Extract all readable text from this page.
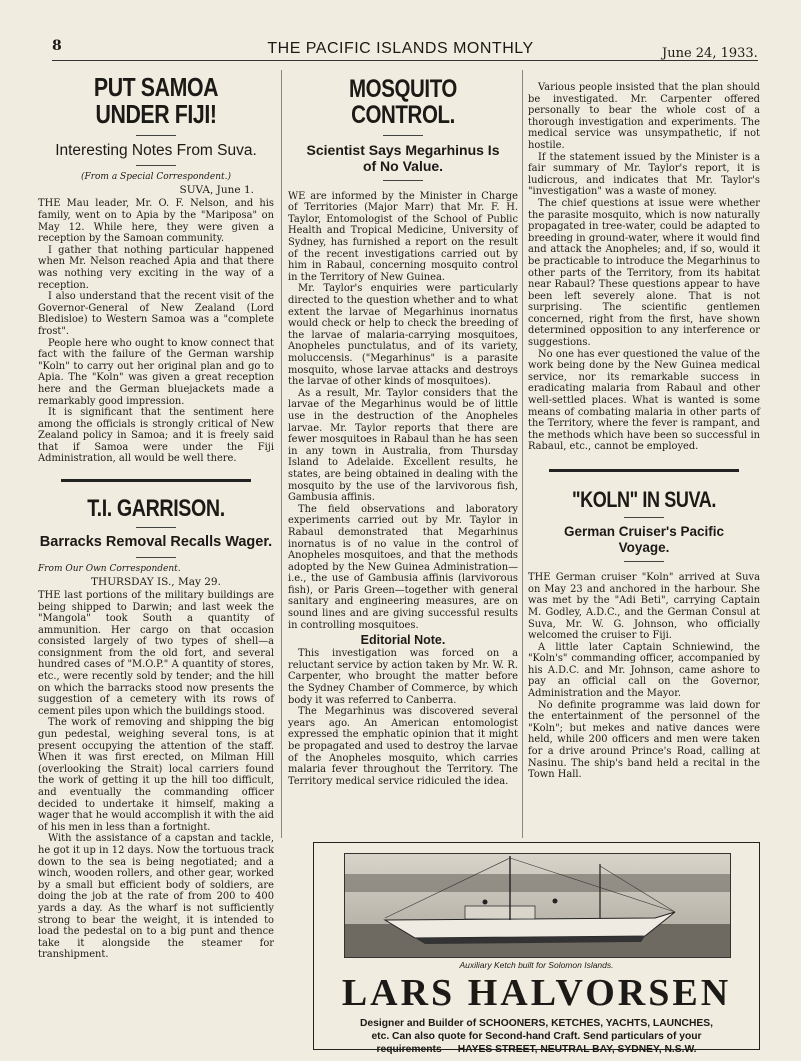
8	THE PACIFIC ISLANDS MONTHLY	June 24, 1933.
PUT SAMOA UNDER FIJI!
Interesting Notes From Suva.
(From a Special Correspondent.)
SUVA, June 1.

THE Mau leader, Mr. O. F. Nelson, and his family, went on to Apia by the "Mariposa" on May 12. While here, they were given a reception by the Samoan community.

I gather that nothing particular happened when Mr. Nelson reached Apia and that there was nothing very exciting in the way of a reception.

I also understand that the recent visit of the Governor-General of New Zealand (Lord Bledisloe) to Western Samoa was a "complete frost".

People here who ought to know connect that fact with the failure of the German warship "Koln" to carry out her original plan and go to Apia. The "Koln" was given a great reception here and the German bluejackets made a remarkably good impression.

It is significant that the sentiment here among the officials is strongly critical of New Zealand policy in Samoa; and it is freely said that if Samoa were under the Fiji Administration, all would be well there.

T.I. GARRISON.
Barracks Removal Recalls Wager.
From Our Own Correspondent.
THURSDAY IS., May 29.

THE last portions of the military buildings are being shipped to Darwin; and last week the "Mangola" took South a quantity of ammunition. Her cargo on that occasion consisted largely of two types of shell—a consignment from the old fort, and several hundred cases of "M.O.P." A quantity of stores, etc., were recently sold by tender; and the hill on which the barracks stood now presents the suggestion of a cemetery with its rows of cement piles upon which the buildings stood.

The work of removing and shipping the big gun pedestal, weighing several tons, is at present occupying the attention of the staff. When it was first erected, on Milman Hill (overlooking the Strait) local carriers found the work of getting it up the hill too difficult, and eventually the commanding officer decided to undertake it himself, making a wager that he would accomplish it with the aid of his men in less than a fortnight.

With the assistance of a capstan and tackle, he got it up in 12 days. Now the tortuous track down to the sea is being negotiated; and a winch, wooden rollers, and other gear, worked by a small but efficient body of soldiers, are doing the job at the rate of from 200 to 400 yards a day. As the wharf is not sufficiently strong to bear the weight, it is intended to load the pedestal on to a big punt and thence take it alongside the steamer for transhipment.

MOSQUITO CONTROL.
Scientist Says Megarhinus Is of No Value.

WE are informed by the Minister in Charge of Territories (Major Marr) that Mr. F. H. Taylor, Entomologist of the School of Public Health and Tropical Medicine, University of Sydney, has furnished a report on the result of the recent investigations carried out by him in Rabaul, concerning mosquito control in the Territory of New Guinea.

Mr. Taylor's enquiries were particularly directed to the question whether and to what extent the larvae of Megarhinus inornatus would check or help to check the breeding of the larvae of malaria-carrying mosquitoes, Anopheles punctulatus, and of its variety, moluccensis. ("Megarhinus" is a parasite mosquito, whose larvae attacks and destroys the larvae of other kinds of mosquitoes).

As a result, Mr. Taylor considers that the larvae of the Megarhinus would be of little use in the destruction of the Anopheles larvae. Mr. Taylor reports that there are fewer mosquitoes in Rabaul than he has seen in any town in Australia, from Thursday Island to Adelaide. Excellent results, he states, are being obtained in dealing with the mosquito by the use of the larvivorous fish, Gambusia affinis.

The field observations and laboratory experiments carried out by Mr. Taylor in Rabaul demonstrated that Megarhinus inornatus is of no value in the control of Anopheles mosquitoes, and that the methods adopted by the New Guinea Administration—i.e., the use of Gambusia affinis (larvivorous fish), or Paris Green—together with general sanitary and engineering measures, are on sound lines and are giving successful results in controlling mosquitoes.

Editorial Note.

This investigation was forced on a reluctant service by action taken by Mr. W. R. Carpenter, who brought the matter before the Sydney Chamber of Commerce, by which body it was referred to Canberra.

The Megarhinus was discovered several years ago. An American entomologist expressed the emphatic opinion that it might be propagated and used to destroy the larvae of the Anopheles mosquito, which carries malaria fever throughout the Territory. The Territory medical service ridiculed the idea.

Various people insisted that the plan should be investigated. Mr. Carpenter offered personally to bear the whole cost of a thorough investigation and experiments. The medical service was unsympathetic, if not hostile.

If the statement issued by the Minister is a fair summary of Mr. Taylor's report, it is ludicrous, and indicates that Mr. Taylor's "investigation" was a waste of money.

The chief questions at issue were whether the parasite mosquito, which is now naturally propagated in tree-water, could be adapted to breeding in ground-water, where it would find and attack the Anopheles; and, if so, would it be practicable to introduce the Megarhinus to other parts of the Territory, from its habitat near Rabaul? These questions appear to have been left severely alone. That is not surprising. The scientific gentlemen concerned, right from the first, have shown determined opposition to any interference or suggestions.

No one has ever questioned the value of the work being done by the New Guinea medical service, nor its remarkable success in eradicating malaria from Rabaul and other well-settled places. What is wanted is some means of combating malaria in other parts of the Territory, where the fever is rampant, and the methods which have been so successful in Rabaul, etc., cannot be employed.

"KOLN" IN SUVA.
German Cruiser's Pacific Voyage.

THE German cruiser "Koln" arrived at Suva on May 23 and anchored in the harbour. She was met by the "Adi Beti", carrying Captain M. Godley, A.D.C., and the German Consul at Suva, Mr. W. G. Johnson, who officially welcomed the cruiser to Fiji.

A little later Captain Schniewind, the "Koln's" commanding officer, accompanied by his A.D.C. and Mr. Johnson, came ashore to pay an official call on the Governor, Administration and the Mayor.

No definite programme was laid down for the entertainment of the personnel of the "Koln"; but mekes and native dances were held, while 200 officers and men were taken for a drive around Prince's Road, calling at Nasinu. The ship's band held a recital in the Town Hall.

Auxiliary Ketch built for Solomon Islands.
LARS HALVORSEN
Designer and Builder of SCHOONERS, KETCHES, YACHTS, LAUNCHES,
etc. Can also quote for Second-hand Craft. Send particulars of your
requirements — HAYES STREET, NEUTRAL BAY, SYDNEY, N.S.W.
